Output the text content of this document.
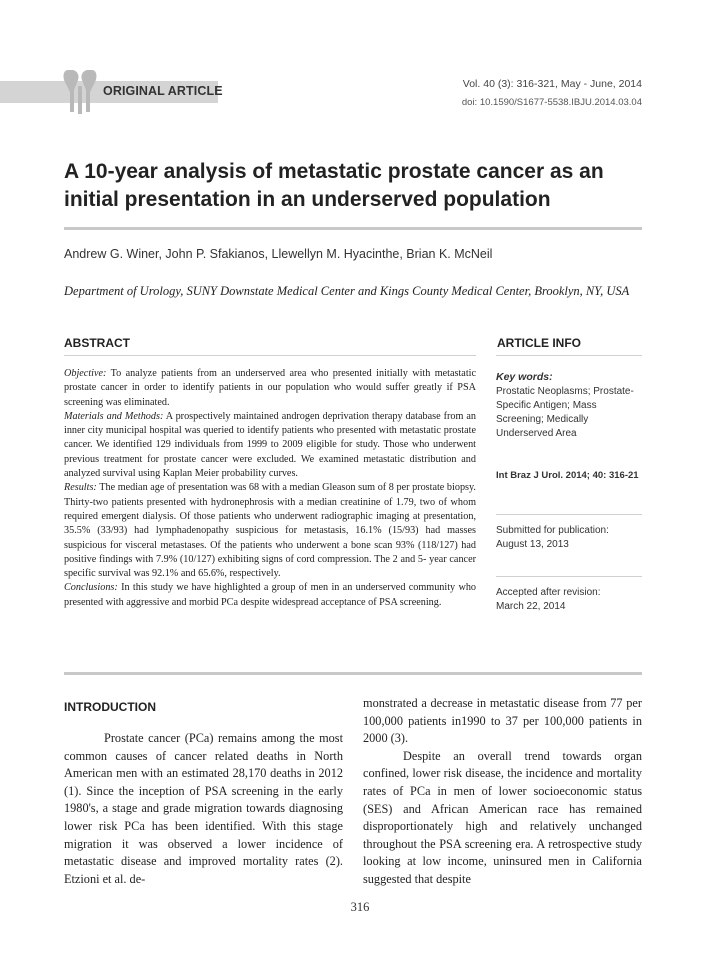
ORIGINAL ARTICLE	Vol. 40 (3): 316-321, May - June, 2014
doi: 10.1590/S1677-5538.IBJU.2014.03.04
A 10-year analysis of metastatic prostate cancer as an
initial presentation in an underserved population
Andrew G. Winer, John P. Sfakianos, Llewellyn M. Hyacinthe, Brian K. McNeil

Department of Urology, SUNY Downstate Medical Center and Kings County Medical Center, Brooklyn, NY, USA

ABSTRACT	ARTICLE INFO

Objective: To analyze patients from an underserved area who presented initially with metastatic prostate cancer in order to identify patients in our population who would suffer greatly if PSA screening was eliminated.

Materials and Methods: A prospectively maintained androgen deprivation therapy database from an inner city municipal hospital was queried to identify patients who presented with metastatic prostate cancer. We identified 129 individuals from 1999 to 2009 eligible for study. Those who underwent previous treatment for prostate cancer were excluded. We examined metastatic distribution and analyzed survival using Kaplan Meier probability curves.

Results: The median age of presentation was 68 with a median Gleason sum of 8 per prostate biopsy. Thirty-two patients presented with hydronephrosis with a median creatinine of 1.79, two of whom required emergent dialysis. Of those patients who underwent radiographic imaging at presentation, 35.5% (33/93) had lymphadenopathy suspicious for metastasis, 16.1% (15/93) had masses suspicious for visceral metastases. Of the patients who underwent a bone scan 93% (118/127) had positive findings with 7.9% (10/127) exhibiting signs of cord compression. The 2 and 5- year cancer specific survival was 92.1% and 65.6%, respectively.

Conclusions: In this study we have highlighted a group of men in an underserved community who presented with aggressive and morbid PCa despite widespread acceptance of PSA screening.

Key words:
Prostatic Neoplasms; Prostate-Specific Antigen; Mass Screening; Medically Underserved Area
Int Braz J Urol. 2014; 40: 316-21
Submitted for publication:
August 13, 2013
Accepted after revision:
March 22, 2014
INTRODUCTION

Prostate cancer (PCa) remains among the most common causes of cancer related deaths in North American men with an estimated 28,170 deaths in 2012 (1). Since the inception of PSA screening in the early 1980's, a stage and grade migration towards diagnosing lower risk PCa has been identified. With this stage migration it was observed a lower incidence of metastatic disease and improved mortality rates (2). Etzioni et al. de-

monstrated a decrease in metastatic disease from 77 per 100,000 patients in1990 to 37 per 100,000 patients in 2000 (3).

Despite an overall trend towards organ confined, lower risk disease, the incidence and mortality rates of PCa in men of lower socioeconomic status (SES) and African American race has remained disproportionately high and relatively unchanged throughout the PSA screening era. A retrospective study looking at low income, uninsured men in California suggested that despite

316
